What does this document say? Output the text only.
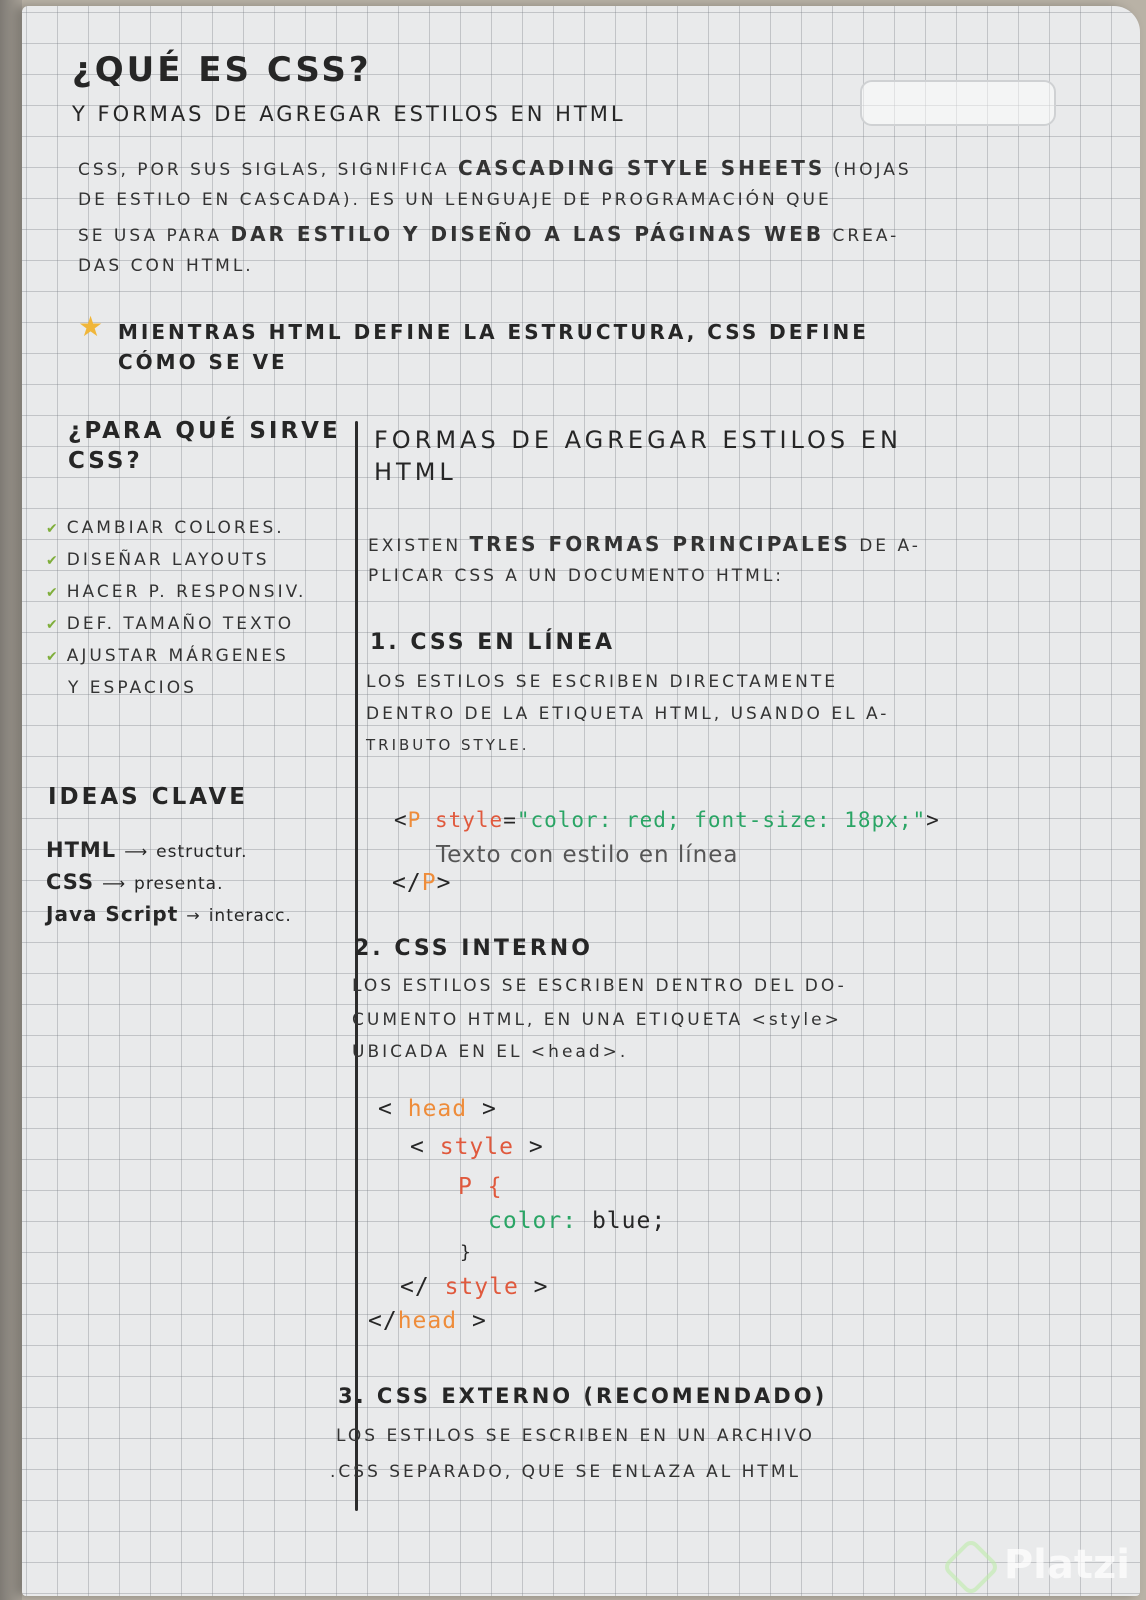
¿QUÉ ES CSS?
Y FORMAS DE AGREGAR ESTILOS EN HTML
CSS, POR SUS SIGLAS, SIGNIFICA CASCADING STYLE SHEETS (HOJAS
DE ESTILO EN CASCADA). ES UN LENGUAJE DE PROGRAMACIÓN QUE
SE USA PARA DAR ESTILO Y DISEÑO A LAS PÁGINAS WEB CREA-
DAS CON HTML.
★ MIENTRAS HTML DEFINE LA ESTRUCTURA, CSS DEFINE
CÓMO SE VE
¿PARA QUÉ SIRVE
CSS?
✔ CAMBIAR COLORES.
✔ DISEÑAR LAYOUTS
✔ HACER P. RESPONSIV.
✔ DEF. TAMAÑO TEXTO
✔ AJUSTAR MÁRGENES
Y ESPACIOS
IDEAS CLAVE
HTML ⟶ estructur.
CSS ⟶ presenta.
Java Script → interacc.
FORMAS DE AGREGAR ESTILOS EN
HTML
EXISTEN TRES FORMAS PRINCIPALES DE A-
PLICAR CSS A UN DOCUMENTO HTML:
1. CSS EN LÍNEA
LOS ESTILOS SE ESCRIBEN DIRECTAMENTE
DENTRO DE LA ETIQUETA HTML, USANDO EL A-
TRIBUTO STYLE.
<P style="color: red; font-size: 18px;">
Texto con estilo en línea
</P>
2. CSS INTERNO
LOS ESTILOS SE ESCRIBEN DENTRO DEL DO-
CUMENTO HTML, EN UNA ETIQUETA <style>
UBICADA EN EL <head>.
< head >
< style >
P {
color: blue;
}
</ style >
</head >
3. CSS EXTERNO (RECOMENDADO)
LOS ESTILOS SE ESCRIBEN EN UN ARCHIVO
.CSS SEPARADO, QUE SE ENLAZA AL HTML
Platzi
